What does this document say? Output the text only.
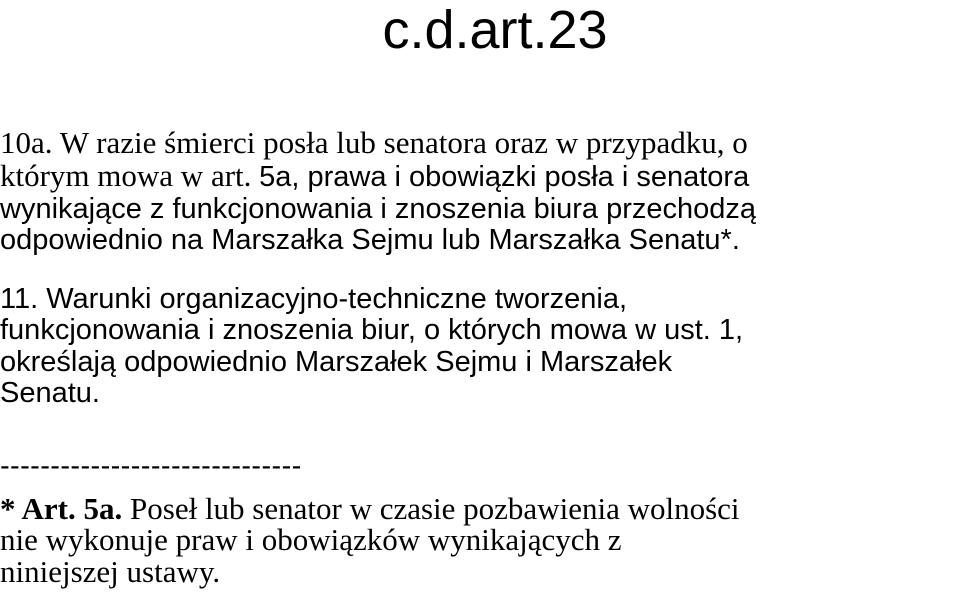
c.d.art.23

10a. W razie śmierci posła lub senatora oraz w przypadku, o
którym mowa w art. 5a, prawa i obowiązki posła i senatora
wynikające z funkcjonowania i znoszenia biura przechodzą
odpowiednio na Marszałka Sejmu lub Marszałka Senatu*.

11. Warunki organizacyjno-techniczne tworzenia,
funkcjonowania i znoszenia biur, o których mowa w ust. 1,
określają odpowiednio Marszałek Sejmu i Marszałek
Senatu.

------------------------------

* Art. 5a. Poseł lub senator w czasie pozbawienia wolności
nie wykonuje praw i obowiązków wynikających z
niniejszej ustawy.
